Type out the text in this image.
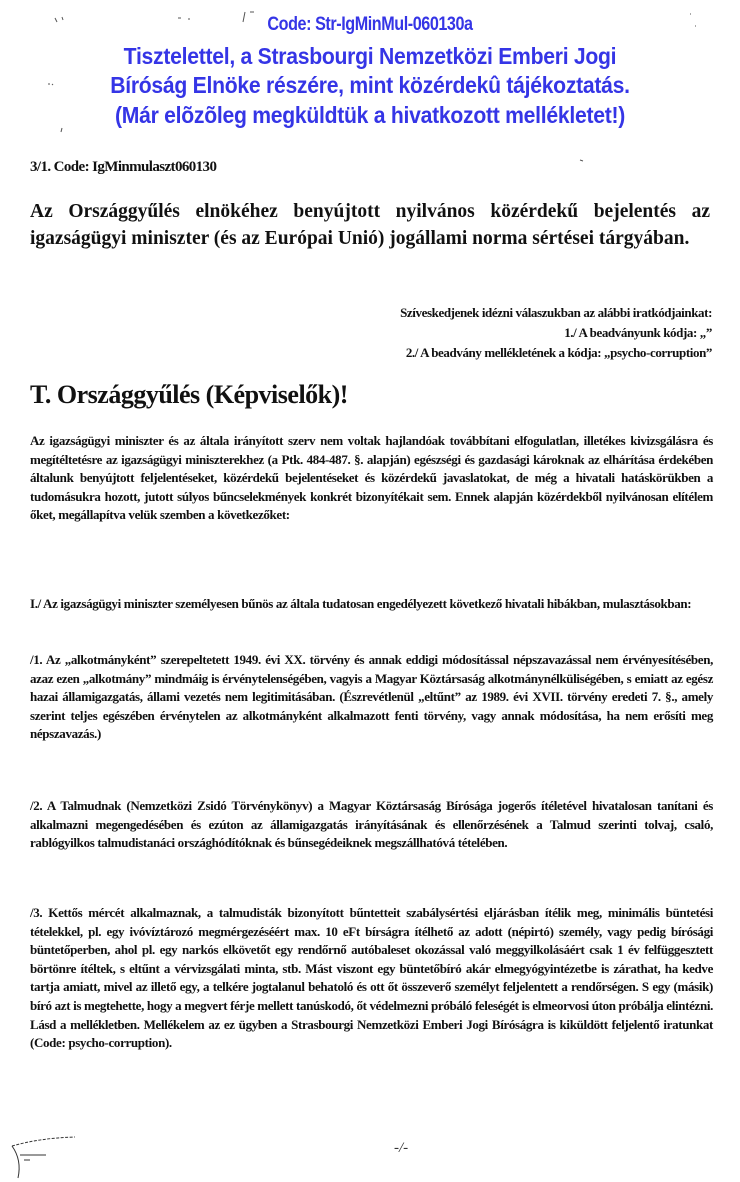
Code: Str-IgMinMul-060130a
Tisztelettel, a Strasbourgi Nemzetközi Emberi Jogi
Bíróság Elnöke részére, mint közérdekû tájékoztatás.
(Már elõzõleg megküldtük a hivatkozott mellékletet!)
3/1. Code: IgMinmulaszt060130
Az Országgyűlés elnökéhez benyújtott nyilvános közérdekű bejelentés az igazságügyi miniszter (és az Európai Unió) jogállami norma sértései tárgyában.
Szíveskedjenek idézni válaszukban az alábbi iratkódjainkat:
1./ A beadványunk kódja: „”
2./ A beadvány mellékletének a kódja: „psycho-corruption”
T. Országgyűlés (Képviselők)!
Az igazságügyi miniszter és az általa irányított szerv nem voltak hajlandóak továbbítani elfogulatlan, illetékes kivizsgálásra és megítéltetésre az igazságügyi miniszterekhez (a Ptk. 484-487. §. alapján) egészségi és gazdasági károknak az elhárítása érdekében általunk benyújtott feljelentéseket, közérdekű bejelentéseket és közérdekű javaslatokat, de még a hivatali hatáskörükben a tudomásukra hozott, jutott súlyos bűncselekmények konkrét bizonyítékait sem. Ennek alapján közérdekből nyilvánosan elítélem őket, megállapítva velük szemben a következőket:
I./ Az igazságügyi miniszter személyesen bűnös az általa tudatosan engedélyezett következő hivatali hibákban, mulasztásokban:
/1. Az „alkotmányként” szerepeltetett 1949. évi XX. törvény és annak eddigi módosítással népszavazással nem érvényesítésében, azaz ezen „alkotmány” mindmáig is érvénytelenségében, vagyis a Magyar Köztársaság alkotmánynélküliségében, s emiatt az egész hazai államigazgatás, állami vezetés nem legitimitásában. (Észrevétlenül „eltűnt” az 1989. évi XVII. törvény eredeti 7. §., amely szerint teljes egészében érvénytelen az alkotmányként alkalmazott fenti törvény, vagy annak módosítása, ha nem erősíti meg népszavazás.)
/2. A Talmudnak (Nemzetközi Zsidó Törvénykönyv) a Magyar Köztársaság Bírósága jogerős ítéletével hivatalosan tanítani és alkalmazni megengedésében és ezúton az államigazgatás irányításának és ellenőrzésének a Talmud szerinti tolvaj, csaló, rablógyilkos talmudistanáci országhódítóknak és bűnsegédeiknek megszállhatóvá tételében.
/3. Kettős mércét alkalmaznak, a talmudisták bizonyított bűntetteit szabálysértési eljárásban ítélik meg, minimális büntetési tételekkel, pl. egy ivóvíztározó megmérgezéséért max. 10 eFt bírságra ítélhető az adott (népirtó) személy, vagy pedig bírósági büntetőperben, ahol pl. egy narkós elkövetőt egy rendőrnő autóbaleset okozással való meggyilkolásáért csak 1 év felfüggesztett börtönre ítéltek, s eltűnt a vérvizsgálati minta, stb. Mást viszont egy büntetőbíró akár elmegyógyintézetbe is zárathat, ha kedve tartja amiatt, mivel az illető egy, a telkére jogtalanul behatoló és ott őt összeverő személyt feljelentett a rendőrségen. S egy (másik) bíró azt is megtehette, hogy a megvert férje mellett tanúskodó, őt védelmezni próbáló feleségét is elmeorvosi úton próbálja elintézni. Lásd a mellékletben. Mellékelem az ez ügyben a Strasbourgi Nemzetközi Emberi Jogi Bíróságra is kiküldött feljelentő iratunkat (Code: psycho-corruption).
-/-
